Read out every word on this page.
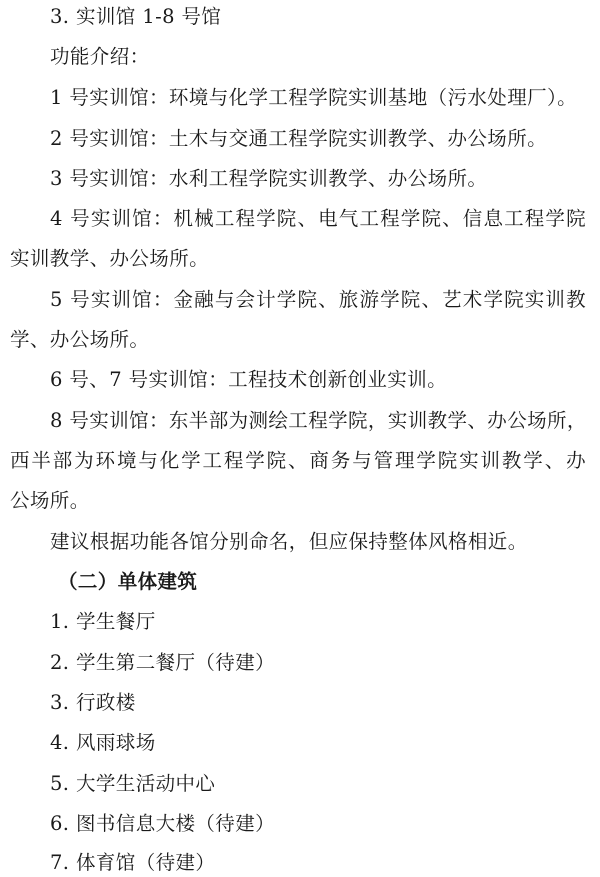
3. 实训馆 1-8 号馆
功能介绍：
1 号实训馆：环境与化学工程学院实训基地（污水处理厂）。
2 号实训馆：土木与交通工程学院实训教学、办公场所。
3 号实训馆：水利工程学院实训教学、办公场所。
4 号实训馆：机械工程学院、电气工程学院、信息工程学院
实训教学、办公场所。
5 号实训馆：金融与会计学院、旅游学院、艺术学院实训教
学、办公场所。
6 号、7 号实训馆：工程技术创新创业实训。
8 号实训馆：东半部为测绘工程学院，实训教学、办公场所，
西半部为环境与化学工程学院、商务与管理学院实训教学、办
公场所。
建议根据功能各馆分别命名，但应保持整体风格相近。
（二）单体建筑
1. 学生餐厅
2. 学生第二餐厅（待建）
3. 行政楼
4. 风雨球场
5. 大学生活动中心
6. 图书信息大楼（待建）
7. 体育馆（待建）
